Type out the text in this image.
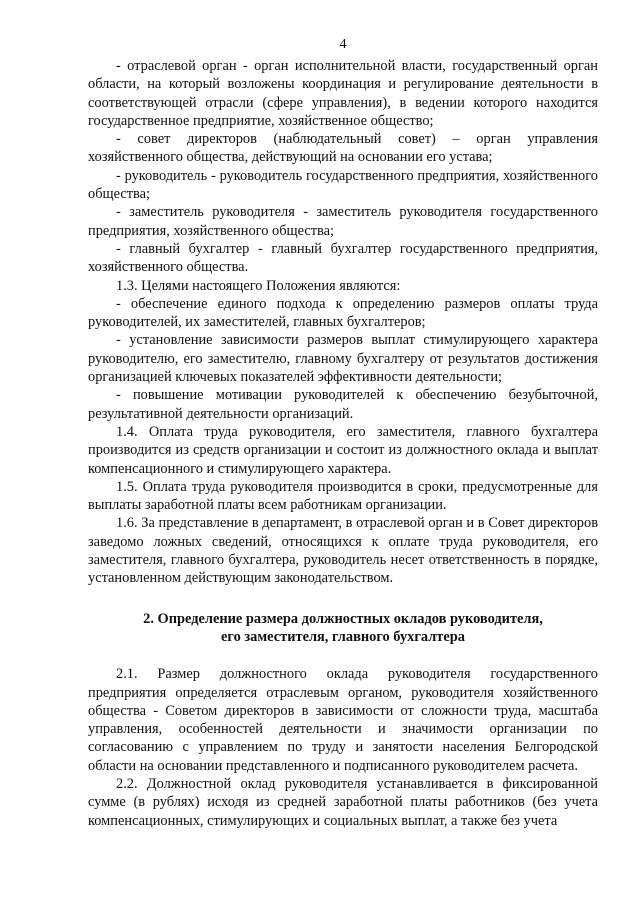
4

- отраслевой орган - орган исполнительной власти, государственный орган области, на который возложены координация и регулирование деятельности в соответствующей отрасли (сфере управления), в ведении которого находится государственное предприятие, хозяйственное общество;

- совет директоров (наблюдательный совет) – орган управления хозяйственного общества, действующий на основании его устава;

- руководитель - руководитель государственного предприятия, хозяйственного общества;

- заместитель руководителя - заместитель руководителя государственного предприятия, хозяйственного общества;

- главный бухгалтер - главный бухгалтер государственного предприятия, хозяйственного общества.

1.3. Целями настоящего Положения являются:

- обеспечение единого подхода к определению размеров оплаты труда руководителей, их заместителей, главных бухгалтеров;

- установление зависимости размеров выплат стимулирующего характера руководителю, его заместителю, главному бухгалтеру от результатов достижения организацией ключевых показателей эффективности деятельности;

- повышение мотивации руководителей к обеспечению безубыточной, результативной деятельности организаций.

1.4. Оплата труда руководителя, его заместителя, главного бухгалтера производится из средств организации и состоит из должностного оклада и выплат компенсационного и стимулирующего характера.

1.5. Оплата труда руководителя производится в сроки, предусмотренные для выплаты заработной платы всем работникам организации.

1.6. За представление в департамент, в отраслевой орган и в Совет директоров заведомо ложных сведений, относящихся к оплате труда руководителя, его заместителя, главного бухгалтера, руководитель несет ответственность в порядке, установленном действующим законодательством.

2. Определение размера должностных окладов руководителя,
его заместителя, главного бухгалтера

2.1. Размер должностного оклада руководителя государственного предприятия определяется отраслевым органом, руководителя хозяйственного общества - Советом директоров в зависимости от сложности труда, масштаба управления, особенностей деятельности и значимости организации по согласованию с управлением по труду и занятости населения Белгородской области на основании представленного и подписанного руководителем расчета.

2.2. Должностной оклад руководителя устанавливается в фиксированной сумме (в рублях) исходя из средней заработной платы работников (без учета компенсационных, стимулирующих и социальных выплат, а также без учета
